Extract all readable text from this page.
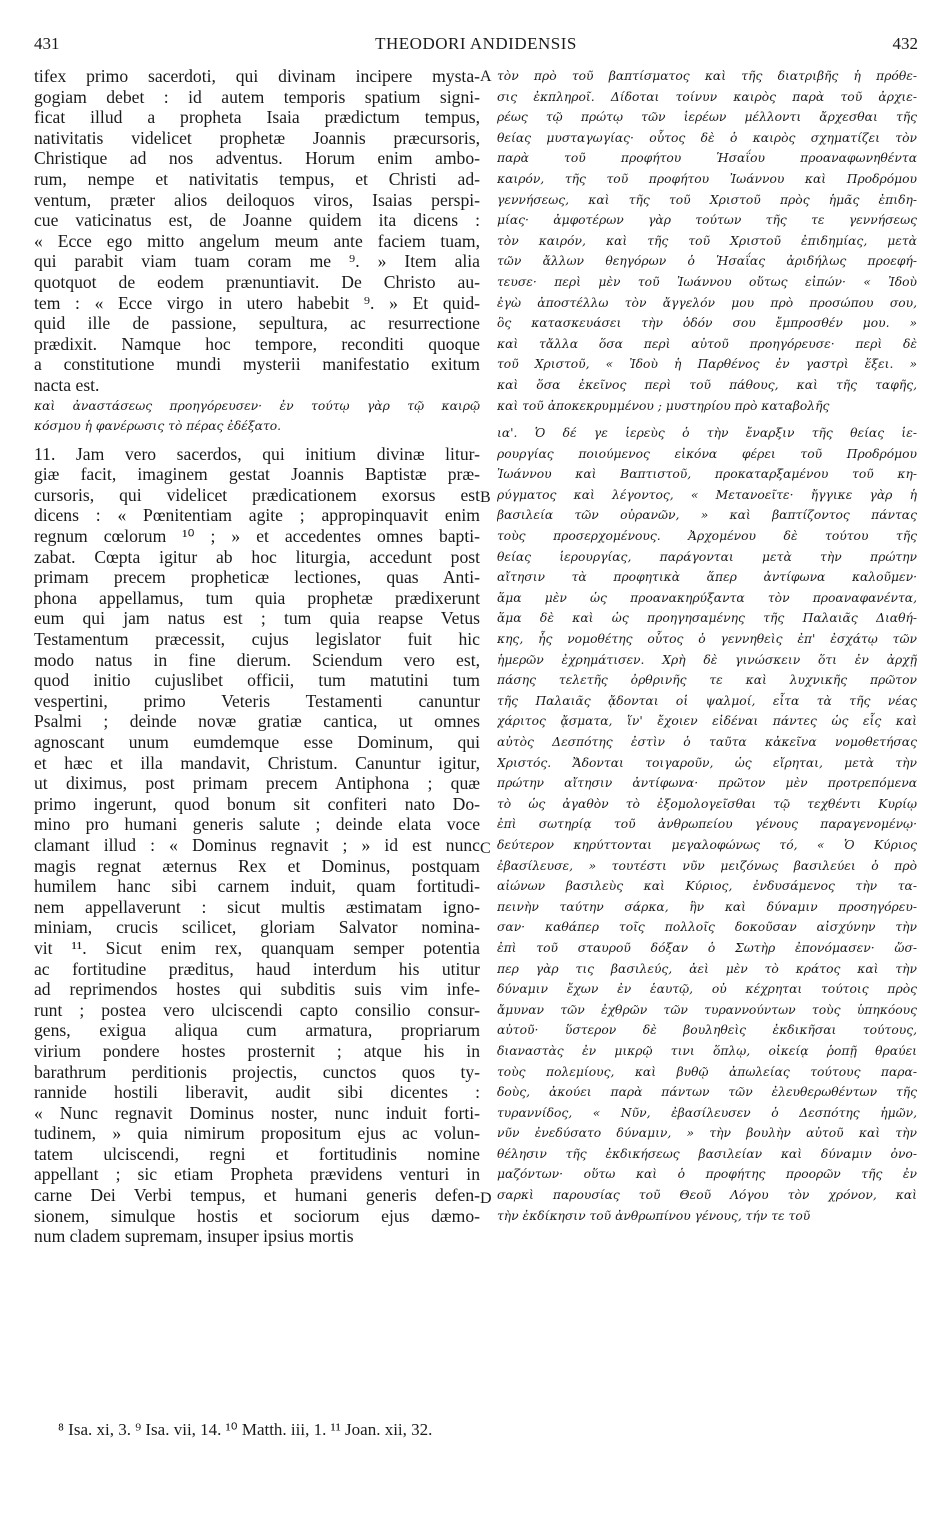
431	THEODORI ANDIDENSIS	432
tifex primo sacerdoti, qui divinam incipere mysta-
gogiam debet : id autem temporis spatium signi-
ficat illud a propheta Isaia prædictum tempus,
nativitatis videlicet prophetæ Joannis præcursoris,
Christique ad nos adventus. Horum enim ambo-
rum, nempe et nativitatis tempus, et Christi ad-
ventum, præter alios deiloquos viros, Isaias perspi-
cue vaticinatus est, de Joanne quidem ita dicens :
« Ecce ego mitto angelum meum ante faciem tuam,
qui parabit viam tuam coram me ⁹. » Item alia
quotquot de eodem prænuntiavit. De Christo au-
tem : « Ecce virgo in utero habebit ⁹. » Et quid-
quid ille de passione, sepultura, ac resurrectione
prædixit. Namque hoc tempore, reconditi quoque
a constitutione mundi mysterii manifestatio exitum
nacta est.
καὶ ἀναστάσεως προηγόρευσεν· ἐν τούτῳ γὰρ τῷ καιρῷ
κόσμου ἡ φανέρωσις τὸ πέρας ἐδέξατο.
11. Jam vero sacerdos, qui initium divinæ litur-
giæ facit, imaginem gestat Joannis Baptistæ præ-
cursoris, qui videlicet prædicationem exorsus est
dicens : « Pœnitentiam agite ; appropinquavit enim
regnum cœlorum ¹⁰ ; » et accedentes omnes bapti-
zabat. Cœpta igitur ab hoc liturgia, accedunt post
primam precem propheticæ lectiones, quas Anti-
phona appellamus, tum quia prophetæ prædixerunt
eum qui jam natus est ; tum quia reapse Vetus
Testamentum præcessit, cujus legislator fuit hic
modo natus in fine dierum. Sciendum vero est,
quod initio cujuslibet officii, tum matutini tum
vespertini, primo Veteris Testamenti canuntur
Psalmi ; deinde novæ gratiæ cantica, ut omnes
agnoscant unum eumdemque esse Dominum, qui
et hæc et illa mandavit, Christum. Canuntur igitur,
ut diximus, post primam precem Antiphona ; quæ
primo ingerunt, quod bonum sit confiteri nato Do-
mino pro humani generis salute ; deinde elata voce
clamant illud : « Dominus regnavit ; » id est nunc
magis regnat æternus Rex et Dominus, postquam
humilem hanc sibi carnem induit, quam fortitudi-
nem appellaverunt : sicut multis æstimatam igno-
miniam, crucis scilicet, gloriam Salvator nomina-
vit ¹¹. Sicut enim rex, quanquam semper potentia
ac fortitudine præditus, haud interdum his utitur
ad reprimendos hostes qui subditis suis vim infe-
runt ; postea vero ulciscendi capto consilio consur-
gens, exigua aliqua cum armatura, propriarum
virium pondere hostes prosternit ; atque his in
barathrum perditionis projectis, cunctos quos ty-
rannide hostili liberavit, audit sibi dicentes :
« Nunc regnavit Dominus noster, nunc induit forti-
tudinem, » quia nimirum propositum ejus ac volun-
tatem ulciscendi, regni et fortitudinis nomine
appellant ; sic etiam Propheta prævidens venturi in
carne Dei Verbi tempus, et humani generis defen-
sionem, simulque hostis et sociorum ejus dæmo-
num cladem supremam, insuper ipsius mortis
τὸν πρὸ τοῦ βαπτίσματος καὶ τῆς διατριβῆς ἡ πρόθε-
σις ἐκπληροῖ. Δίδοται τοίνυν καιρὸς παρὰ τοῦ ἀρχιε-
ρέως τῷ πρώτῳ τῶν ἱερέων μέλλοντι ἄρχεσθαι τῆς
θείας μυσταγωγίας· οὗτος δὲ ὁ καιρὸς σχηματίζει τὸν
παρὰ τοῦ προφήτου Ἡσαΐου προαναφωνηθέντα
καιρόν, τῆς τοῦ προφήτου Ἰωάννου καὶ Προδρόμου
γεννήσεως, καὶ τῆς τοῦ Χριστοῦ πρὸς ἡμᾶς ἐπιδη-
μίας· ἀμφοτέρων γὰρ τούτων τῆς τε γεννήσεως
τὸν καιρόν, καὶ τῆς τοῦ Χριστοῦ ἐπιδημίας, μετὰ
τῶν ἄλλων θεηγόρων ὁ Ἡσαΐας ἀριδήλως προεφή-
τευσε· περὶ μὲν τοῦ Ἰωάννου οὕτως εἰπών· « Ἰδοὺ
ἐγὼ ἀποστέλλω τὸν ἄγγελόν μου πρὸ προσώπου σου,
ὃς κατασκευάσει τὴν ὁδόν σου ἔμπροσθέν μου. »
καὶ τἄλλα ὅσα περὶ αὐτοῦ προηγόρευσε· περὶ δὲ
τοῦ Χριστοῦ, « Ἰδοὺ ἡ Παρθένος ἐν γαστρὶ ἕξει. »
καὶ ὅσα ἐκεῖνος περὶ τοῦ πάθους, καὶ τῆς ταφῆς,
καὶ τοῦ ἀποκεκρυμμένου ; μυστηρίου πρὸ καταβολῆς
ια'. Ὁ δέ γε ἱερεὺς ὁ τὴν ἔναρξιν τῆς θείας ἱε-
ρουργίας ποιούμενος εἰκόνα φέρει τοῦ Προδρόμου
Ἰωάννου καὶ Βαπτιστοῦ, προκαταρξαμένου τοῦ κη-
ρύγματος καὶ λέγοντος, « Μετανοεῖτε· ἤγγικε γὰρ ἡ
βασιλεία τῶν οὐρανῶν, » καὶ βαπτίζοντος πάντας
τοὺς προσερχομένους. Ἀρχομένου δὲ τούτου τῆς
θείας ἱερουργίας, παράγονται μετὰ τὴν πρώτην
αἴτησιν τὰ προφητικὰ ἅπερ ἀντίφωνα καλοῦμεν·
ἅμα μὲν ὡς προανακηρύξαντα τὸν προαναφανέντα,
ἅμα δὲ καὶ ὡς προηγησαμένης τῆς Παλαιᾶς Διαθή-
κης, ἧς νομοθέτης οὗτος ὁ γεννηθεὶς ἐπ' ἐσχάτῳ τῶν
ἡμερῶν ἐχρημάτισεν. Χρὴ δὲ γινώσκειν ὅτι ἐν ἀρχῇ
πάσης τελετῆς ὀρθρινῆς τε καὶ λυχνικῆς πρῶτον
τῆς Παλαιᾶς ᾄδονται οἱ ψαλμοί, εἶτα τὰ τῆς νέας
χάριτος ᾄσματα, ἵν' ἔχοιεν εἰδέναι πάντες ὡς εἷς καὶ
αὐτὸς Δεσπότης ἐστὶν ὁ ταῦτα κἀκεῖνα νομοθετήσας
Χριστός. Ἄδονται τοιγαροῦν, ὡς εἴρηται, μετὰ τὴν
πρώτην αἴτησιν ἀντίφωνα· πρῶτον μὲν προτρεπόμενα
τὸ ὡς ἀγαθὸν τὸ ἐξομολογεῖσθαι τῷ τεχθέντι Κυρίῳ
ἐπὶ σωτηρίᾳ τοῦ ἀνθρωπείου γένους παραγενομένῳ·
δεύτερον κηρύττονται μεγαλοφώνως τό, « Ὁ Κύριος
ἐβασίλευσε, » τουτέστι νῦν μειζόνως βασιλεύει ὁ πρὸ
αἰώνων βασιλεὺς καὶ Κύριος, ἐνδυσάμενος τὴν τα-
πεινὴν ταύτην σάρκα, ἣν καὶ δύναμιν προσηγόρευ-
σαν· καθάπερ τοῖς πολλοῖς δοκοῦσαν αἰσχύνην τὴν
ἐπὶ τοῦ σταυροῦ δόξαν ὁ Σωτὴρ ἐπονόμασεν· ὥσ-
περ γὰρ τις βασιλεύς, ἀεὶ μὲν τὸ κράτος καὶ τὴν
δύναμιν ἔχων ἐν ἑαυτῷ, οὐ κέχρηται τούτοις πρὸς
ἄμυναν τῶν ἐχθρῶν τῶν τυραννούντων τοὺς ὑπηκόους
αὐτοῦ· ὕστερον δὲ βουληθεὶς ἐκδικῆσαι τούτους,
διαναστὰς ἐν μικρῷ τινι ὅπλῳ, οἰκείᾳ ῥοπῇ θραύει
τοὺς πολεμίους, καὶ βυθῷ ἀπωλείας τούτους παρα-
δοὺς, ἀκούει παρὰ πάντων τῶν ἐλευθερωθέντων τῆς
τυραννίδος, « Νῦν, ἐβασίλευσεν ὁ Δεσπότης ἡμῶν,
νῦν ἐνεδύσατο δύναμιν, » τὴν βουλὴν αὐτοῦ καὶ τὴν
θέλησιν τῆς ἐκδικήσεως βασιλείαν καὶ δύναμιν ὀνο-
μαζόντων· οὕτω καὶ ὁ προφήτης προορῶν τῆς ἐν
σαρκὶ παρουσίας τοῦ Θεοῦ Λόγου τὸν χρόνον, καὶ
τὴν ἐκδίκησιν τοῦ ἀνθρωπίνου γένους, τήν τε τοῦ
A
B
C
D
⁸ Isa. xi, 3. ⁹ Isa. vii, 14. ¹⁰ Matth. iii, 1. ¹¹ Joan. xii, 32.
